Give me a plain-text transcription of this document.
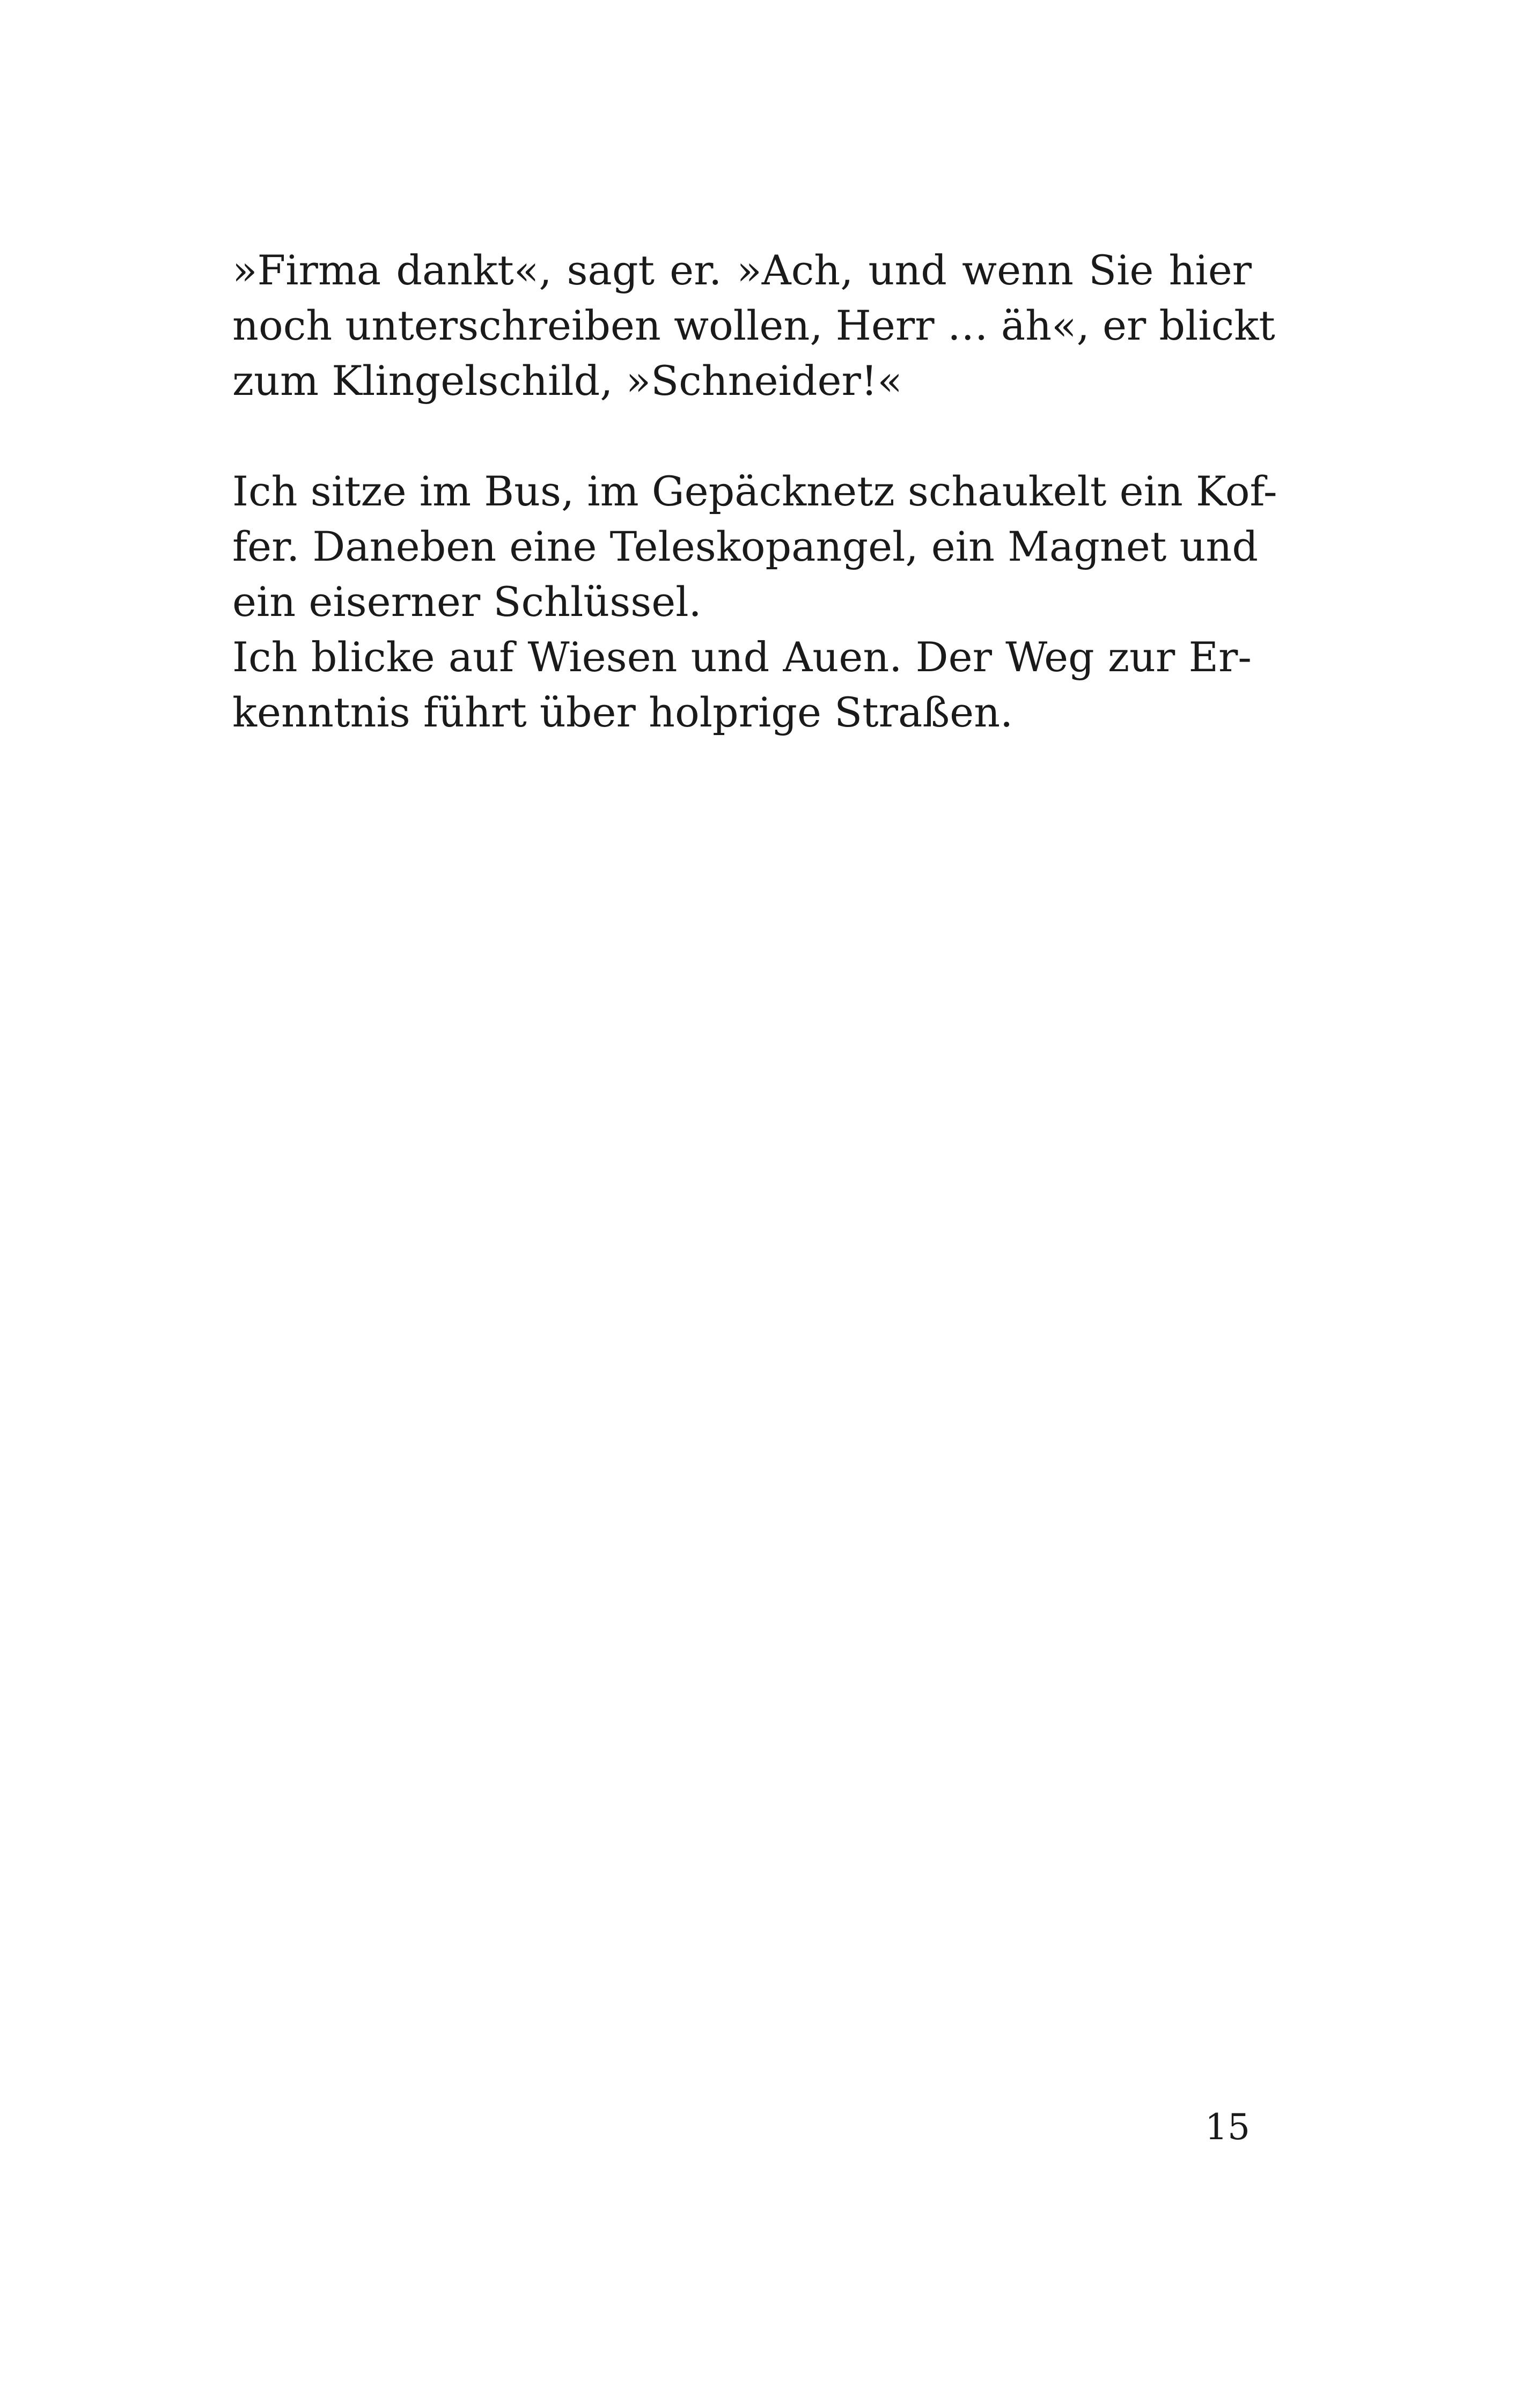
»Firma dankt«, sagt er. »Ach, und wenn Sie hier

noch unterschreiben wollen, Herr … äh«, er blickt

zum Klingelschild, »Schneider!«

Ich sitze im Bus, im Gepäcknetz schaukelt ein Kof-

fer. Daneben eine Teleskopangel, ein Magnet und

ein eiserner Schlüssel.

Ich blicke auf Wiesen und Auen. Der Weg zur Er-

kenntnis führt über holprige Straßen.

15
